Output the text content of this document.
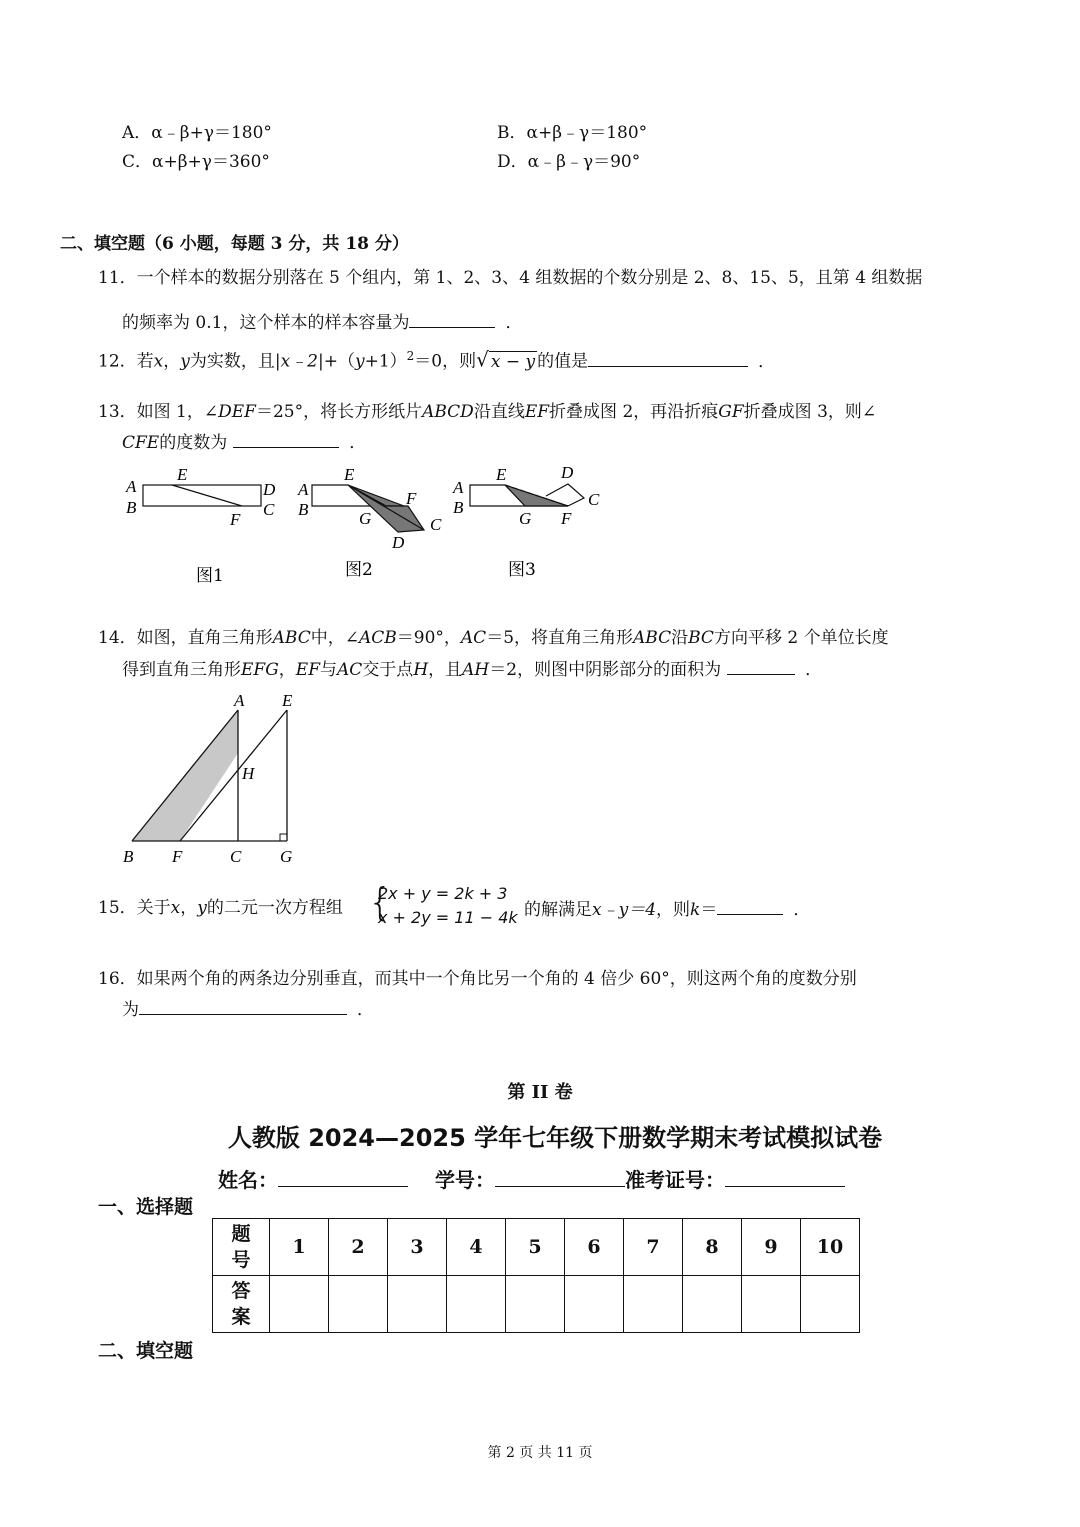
A．α﹣β+γ＝180°	B．α+β﹣γ＝180°
C．α+β+γ＝360°	D．α﹣β﹣γ＝90°
二、填空题（6 小题，每题 3 分，共 18 分）
11．一个样本的数据分别落在 5 个组内，第 1、2、3、4 组数据的个数分别是 2、8、15、5，且第 4 组数据
的频率为 0.1，这个样本的样本容量为	．
12．若x，y为实数，且$|x﹣2|+(y+1)^2=0$，则√ x − y 的值是	．
13．如图 1，∠DEF＝25°，将长方形纸片ABCD沿直线EF折叠成图 2，再沿折痕GF折叠成图 3，则∠
CFE的度数为	．
A
B
E
D
C
F
图1
A
B
E
F
G	C
D
图2
A
B
E	D
C
G F
图3
14．如图，直角三角形ABC中，∠ACB＝90°，AC＝5，将直角三角形ABC沿BC方向平移 2 个单位长度
得到直角三角形EFG，EF与AC交于点H，且AH＝2，则图中阴影部分的面积为	．
A E
H
B F	C G
15．关于x，y的二元一次方程组 {
2x + y = 2k + 3
x + 2y = 11 − 4k 的解满足x﹣y＝4，则k＝	．
16．如果两个角的两条边分别垂直，而其中一个角比另一个角的 4 倍少 60°，则这两个角的度数分别
为	．
第 II 卷
人教版 2024—2025 学年七年级下册数学期末考试模拟试卷
姓名：	学号：	准考证号：
一、选择题
题
号	1	2	3	4	5	6	7	8	9	10
答
案										
二、填空题
第 2 页 共 11 页
